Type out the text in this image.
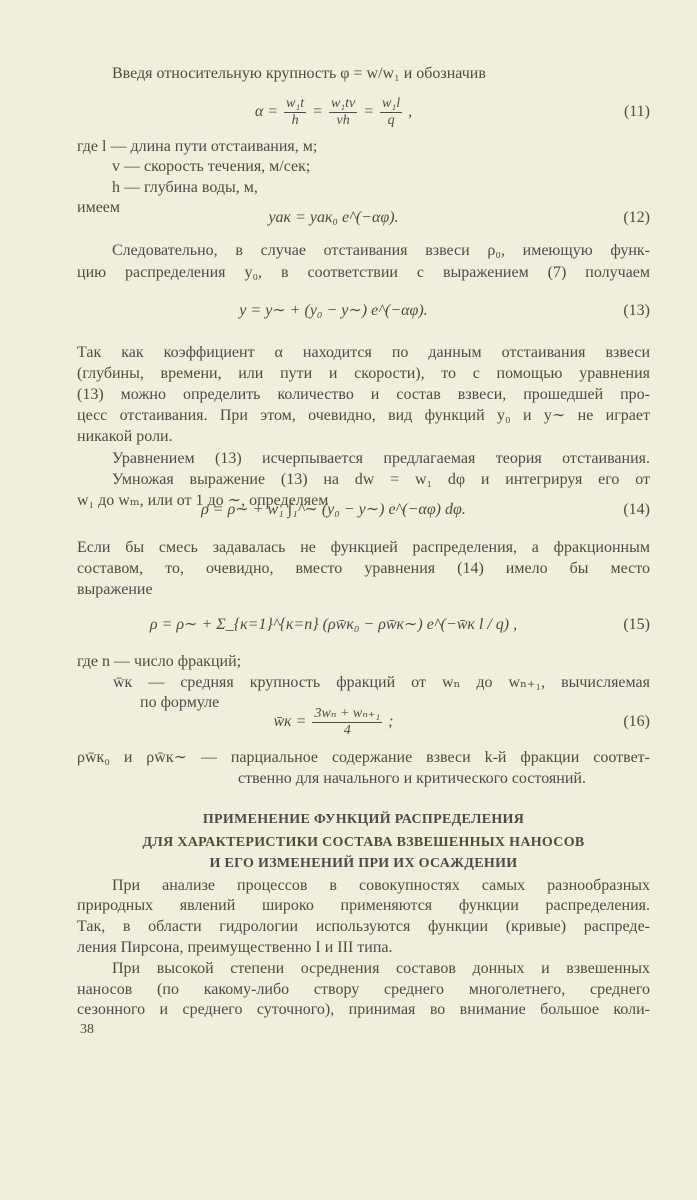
Введя относительную крупность φ = w/w₁ и обозначив
$\alpha = \frac{\text{w₁t}}{h} = \frac{\text{w₁tv}}{vh} = \frac{\text{w₁l}}{q}$ ,	(11)
где l — длина пути отстаивания, м;
v — скорость течения, м/сек;
h — глубина воды, м,
имеем
yак = yак₀ e^(−αφ).	(12)
Следовательно, в случае отстаивания взвеси ρ₀, имеющую функ-
цию распределения y₀, в соответствии с выражением (7) получаем
y = y∼ + (y₀ − y∼) e^(−αφ).	(13)
Так как коэффициент α находится по данным отстаивания взвеси
(глубины, времени, или пути и скорости), то с помощью уравнения
(13) можно определить количество и состав взвеси, прошедшей про-
цесс отстаивания. При этом, очевидно, вид функций y₀ и y∼ не играет
никакой роли.
Уравнением (13) исчерпывается предлагаемая теория отстаивания.
Умножая выражение (13) на dw = w₁ dφ и интегрируя его от
w₁ до wₘ, или от 1 до ∼, определяем
ρ = ρ∼ + w₁ ∫₁^∼ (y₀ − y∼) e^(−αφ) dφ.	(14)
Если бы смесь задавалась не функцией распределения, а фракционным
составом, то, очевидно, вместо уравнения (14) имело бы место
выражение
ρ = ρ∼ + Σ_{к=1}^{к=n} (ρw̄к₀ − ρw̄к∼) e^(−w̄к l / q) ,	(15)
где n — число фракций;
w̄к — средняя крупность фракций от wₙ до wₙ₊₁, вычисляемая
по формуле
w̄к = $\frac{\text{3wₙ + wₙ₊₁}}{4}$ ;	(16)
ρw̄к₀ и ρw̄к∼ — парциальное содержание взвеси k-й фракции соответ-
ственно для начального и критического состояний.
ПРИМЕНЕНИЕ ФУНКЦИЙ РАСПРЕДЕЛЕНИЯ
ДЛЯ ХАРАКТЕРИСТИКИ СОСТАВА ВЗВЕШЕННЫХ НАНОСОВ
И ЕГО ИЗМЕНЕНИЙ ПРИ ИХ ОСАЖДЕНИИ
При анализе процессов в совокупностях самых разнообразных
природных явлений широко применяются функции распределения.
Так, в области гидрологии используются функции (кривые) распреде-
ления Пирсона, преимущественно I и III типа.
При высокой степени осреднения составов донных и взвешенных
наносов (по какому-либо створу среднего многолетнего, среднего
сезонного и среднего суточного), принимая во внимание большое коли-
38
